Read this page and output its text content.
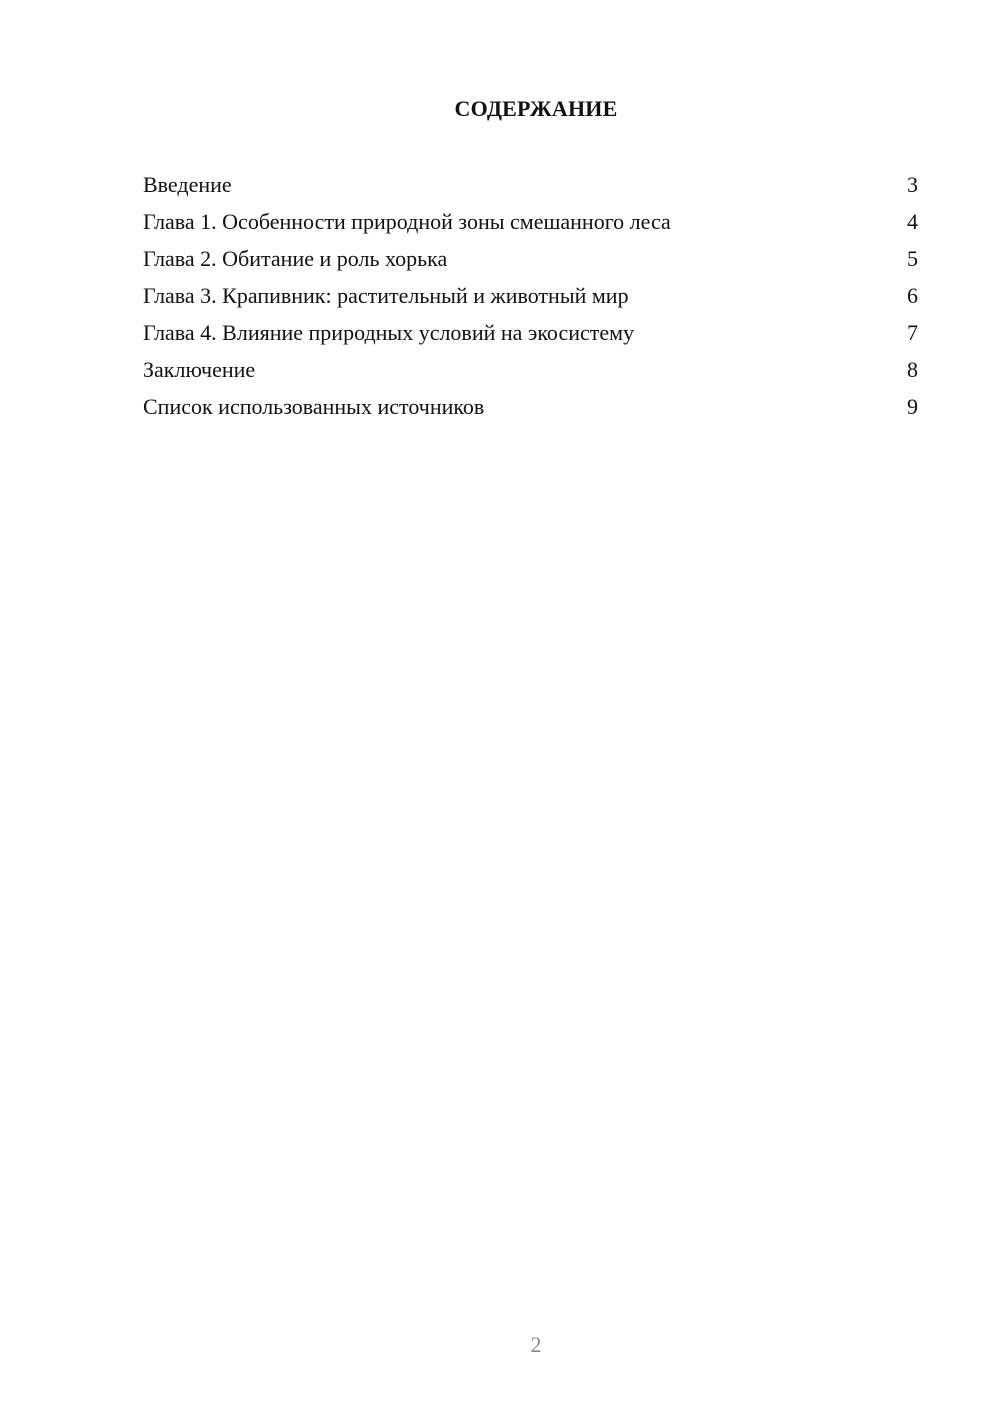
СОДЕРЖАНИЕ
Введение	3
Глава 1. Особенности природной зоны смешанного леса	4
Глава 2. Обитание и роль хорька	5
Глава 3. Крапивник: растительный и животный мир	6
Глава 4. Влияние природных условий на экосистему	7
Заключение	8
Список использованных источников	9
2
